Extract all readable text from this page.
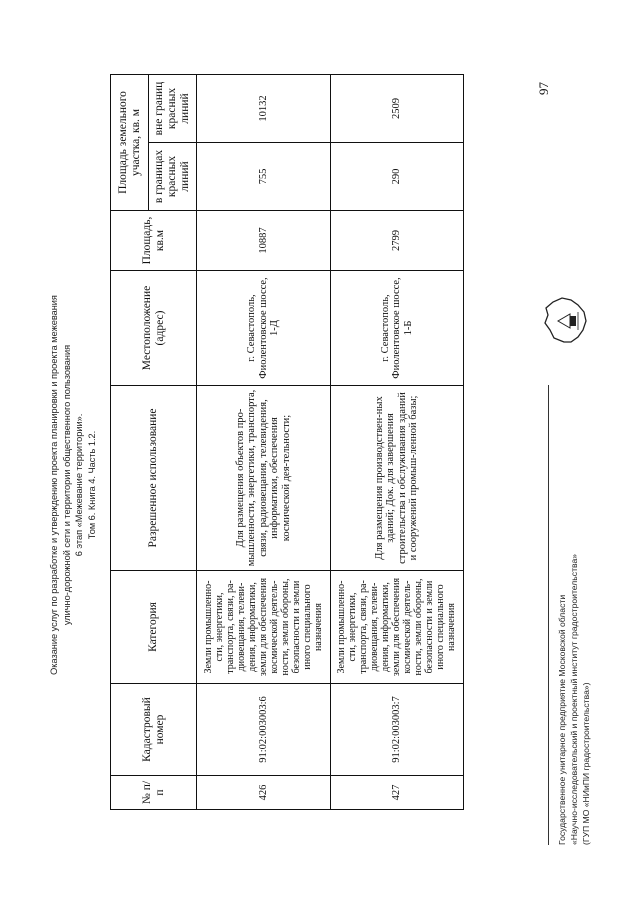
Оказание услуг по разработке и утверждению проекта планировки и проекта межевания улично-дорожной сети и территории общественного пользования 6 этап «Межевание территории». Том 6. Книга 4. Часть 1.2.
97
№ п/п	Кадастровый номер	Категория	Разрешенное использование	Местоположение (адрес)	Площадь, кв.м	Площадь земельного участка, кв. м	
						в границах красных линий	вне границ красных линий
426	91:02:003003:6	Земли промышленно-сти, энергетики, транспорта, связи, ра-диовещания, телеви-дения, информатики, земли для обеспечения космической деятель-ности, земли обороны, безопасности и земли иного специального назначения	Для размещения объектов про-мышленности, энергетики, транспорта, связи, радиовещания, телевидения, информатики, обеспечения космической дея-тельности;	г. Севастополь, Фиолентовское шоссе, 1-Д	10887	755	10132
427	91:02:003003:7	Земли промышленно-сти, энергетики, транспорта, связи, ра-диовещания, телеви-дения, информатики, земли для обеспечения космической деятель-ности, земли обороны, безопасности и земли иного специального назначения	Для размещения производствен-ных зданий; Док. для завершения строительства и обслуживания зданий и сооружений промыш-ленной базы;	г. Севастополь, Фиолентовское шоссе, 1-Б	2799	290	2509
Государственное унитарное предприятие Московской области «Научно-исследовательский и проектный институт градостроительства» (ГУП МО «НИиПИ градостроительства»)
